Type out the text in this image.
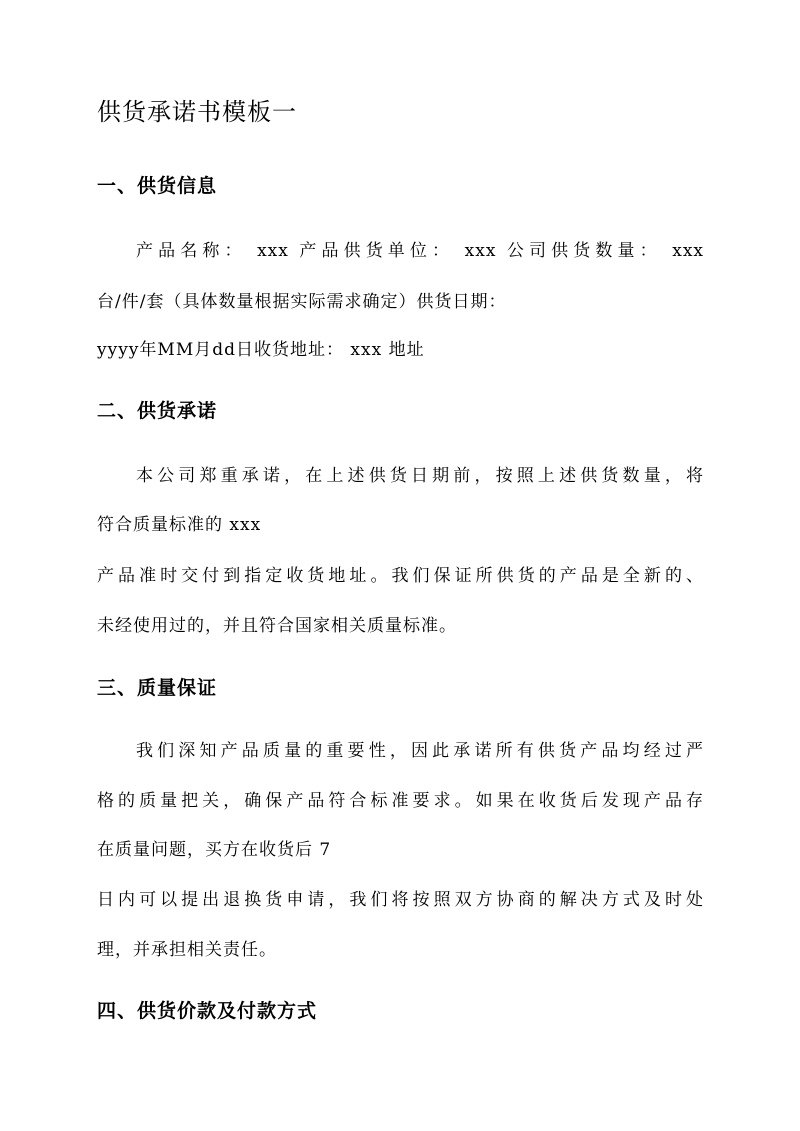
供货承诺书模板一
一、供货信息
产品名称： xxx 产品供货单位： xxx 公司供货数量： xxx
台/件/套（具体数量根据实际需求确定）供货日期：
yyyy年MM月dd日收货地址： xxx 地址
二、供货承诺
本公司郑重承诺，在上述供货日期前，按照上述供货数量，将
符合质量标准的 xxx
产品准时交付到指定收货地址。我们保证所供货的产品是全新的、
未经使用过的，并且符合国家相关质量标准。
三、质量保证
我们深知产品质量的重要性，因此承诺所有供货产品均经过严
格的质量把关，确保产品符合标准要求。如果在收货后发现产品存
在质量问题，买方在收货后 7
日内可以提出退换货申请，我们将按照双方协商的解决方式及时处
理，并承担相关责任。
四、供货价款及付款方式
